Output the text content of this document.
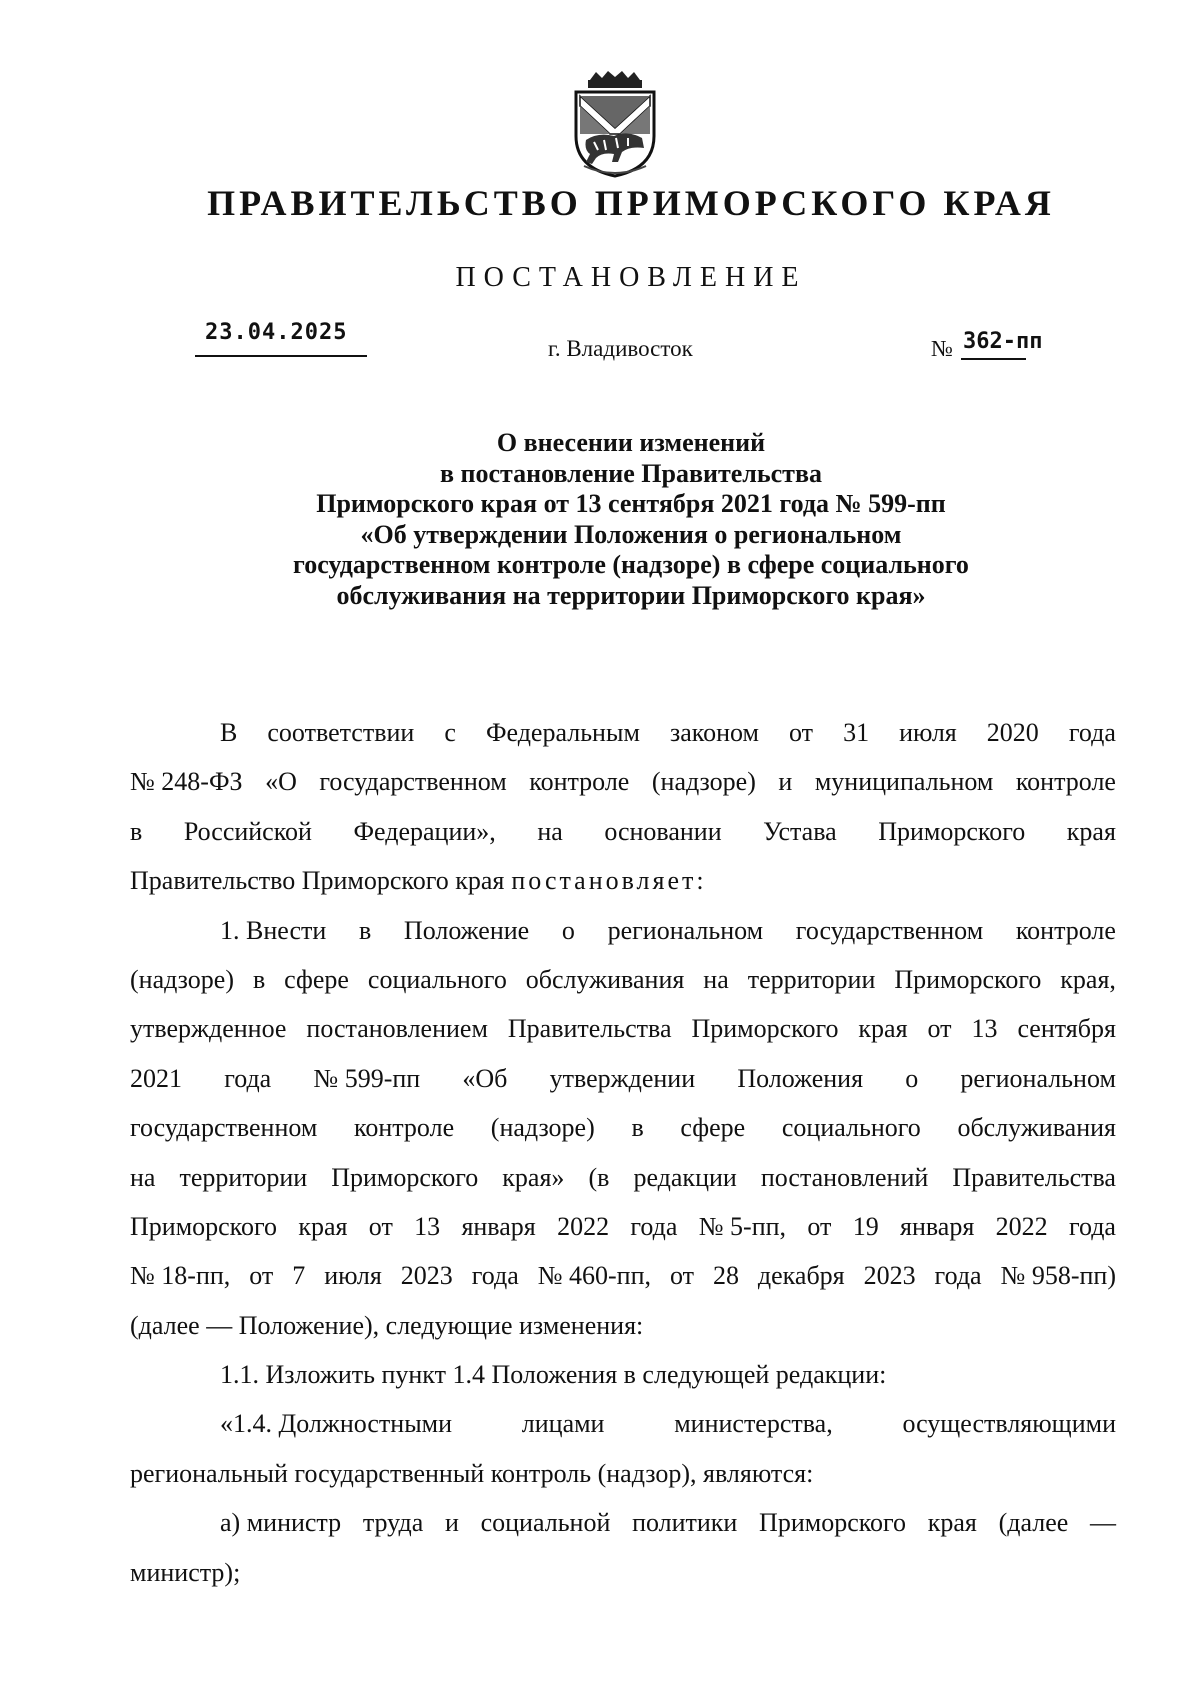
ПРАВИТЕЛЬСТВО ПРИМОРСКОГО КРАЯ
ПОСТАНОВЛЕНИЕ
23.04.2025
г. Владивосток	№ 362-пп
О внесении изменений
в постановление Правительства
Приморского края от 13 сентября 2021 года № 599-пп
«Об утверждении Положения о региональном
государственном контроле (надзоре) в сфере социального
обслуживания на территории Приморского края»
В соответствии с Федеральным законом от 31 июля 2020 года
№ 248-ФЗ «О государственном контроле (надзоре) и муниципальном контроле
в Российской Федерации», на основании Устава Приморского края
Правительство Приморского края постановляет:
1. Внести в Положение о региональном государственном контроле
(надзоре) в сфере социального обслуживания на территории Приморского края,
утвержденное постановлением Правительства Приморского края от 13 сентября
2021 года № 599-пп «Об утверждении Положения о региональном
государственном контроле (надзоре) в сфере социального обслуживания
на территории Приморского края» (в редакции постановлений Правительства
Приморского края от 13 января 2022 года № 5-пп, от 19 января 2022 года
№ 18-пп, от 7 июля 2023 года № 460-пп, от 28 декабря 2023 года № 958-пп)
(далее — Положение), следующие изменения:
1.1. Изложить пункт 1.4 Положения в следующей редакции:
«1.4. Должностными	лицами	министерства,	осуществляющими
региональный государственный контроль (надзор), являются:
а) министр труда и социальной политики Приморского края (далее —
министр);
